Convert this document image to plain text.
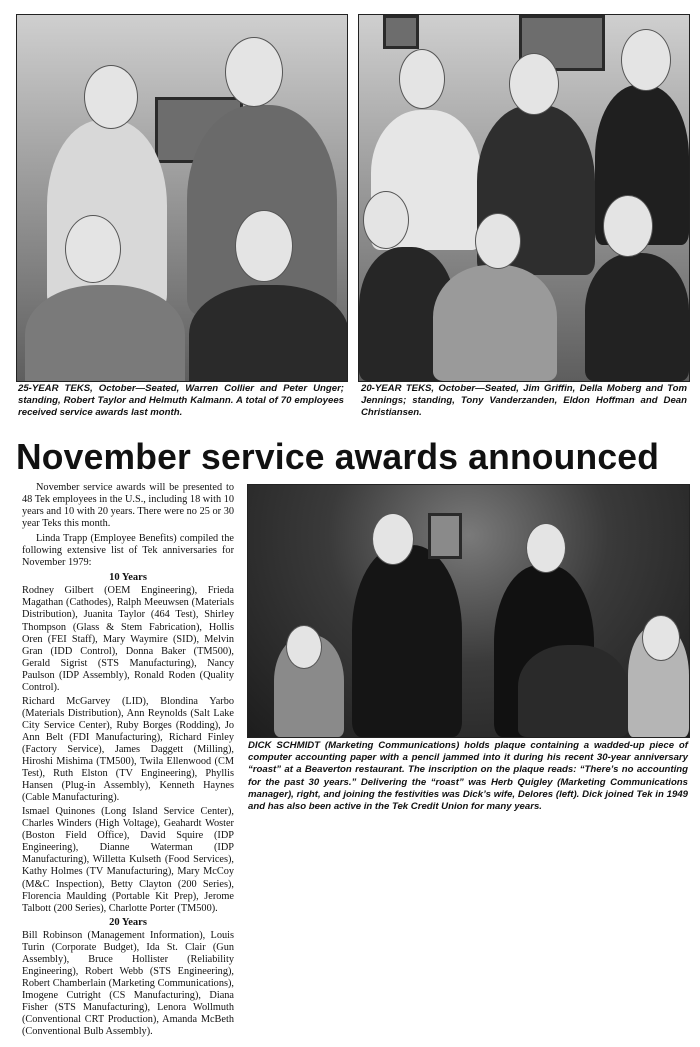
25-YEAR TEKS, October—Seated, Warren Collier and Peter Unger; standing, Robert Taylor and Helmuth Kalmann. A total of 70 employees received service awards last month.

20-YEAR TEKS, October—Seated, Jim Griffin, Della Moberg and Tom Jennings; standing, Tony Vanderzanden, Eldon Hoffman and Dean Christiansen.

November service awards announced

DICK SCHMIDT (Marketing Communications) holds plaque containing a wadded-up piece of computer accounting paper with a pencil jammed into it during his recent 30-year anniversary “roast” at a Beaverton restaurant. The inscription on the plaque reads: “There’s no accounting for the past 30 years.” Delivering the “roast” was Herb Quigley (Marketing Communications manager), right, and joining the festivities was Dick’s wife, Delores (left). Dick joined Tek in 1949 and has also been active in the Tek Credit Union for many years.

November service awards will be presented to 48 Tek employees in the U.S., including 18 with 10 years and 10 with 20 years. There were no 25 or 30 year Teks this month.

Linda Trapp (Employee Benefits) compiled the following extensive list of Tek anniversaries for November 1979:

10 Years

Rodney Gilbert (OEM Engineering), Frieda Magathan (Cathodes), Ralph Meeuwsen (Materials Distribution), Juanita Taylor (464 Test), Shirley Thompson (Glass & Stem Fabrication), Hollis Oren (FEI Staff), Mary Waymire (SID), Melvin Gran (IDD Control), Donna Baker (TM500), Gerald Sigrist (STS Manufacturing), Nancy Paulson (IDP Assembly), Ronald Roden (Quality Control).

Richard McGarvey (LID), Blondina Yarbo (Materials Distribution), Ann Reynolds (Salt Lake City Service Center), Ruby Borges (Rodding), Jo Ann Belt (FDI Manufacturing), Richard Finley (Factory Service), James Daggett (Milling), Hiroshi Mishima (TM500), Twila Ellenwood (CM Test), Ruth Elston (TV Engineering), Phyllis Hansen (Plug-in Assembly), Kenneth Haynes (Cable Manufacturing).

Ismael Quinones (Long Island Service Center), Charles Winders (High Voltage), Geahardt Woster (Boston Field Office), David Squire (IDP Engineering), Dianne Waterman (IDP Manufacturing), Willetta Kulseth (Food Services), Kathy Holmes (TV Manufacturing), Mary McCoy (M&C Inspection), Betty Clayton (200 Series), Florencia Maulding (Portable Kit Prep), Jerome Talbott (200 Series), Charlotte Porter (TM500).

20 Years

Bill Robinson (Management Information), Louis Turin (Corporate Budget), Ida St. Clair (Gun Assembly), Bruce Hollister (Reliability Engineering), Robert Webb (STS Engineering), Robert Chamberlain (Marketing Communications), Imogene Cutright (CS Manufacturing), Diana Fisher (STS Manufacturing), Lenora Wollmuth (Conventional CRT Production), Amanda McBeth (Conventional Bulb Assembly).
